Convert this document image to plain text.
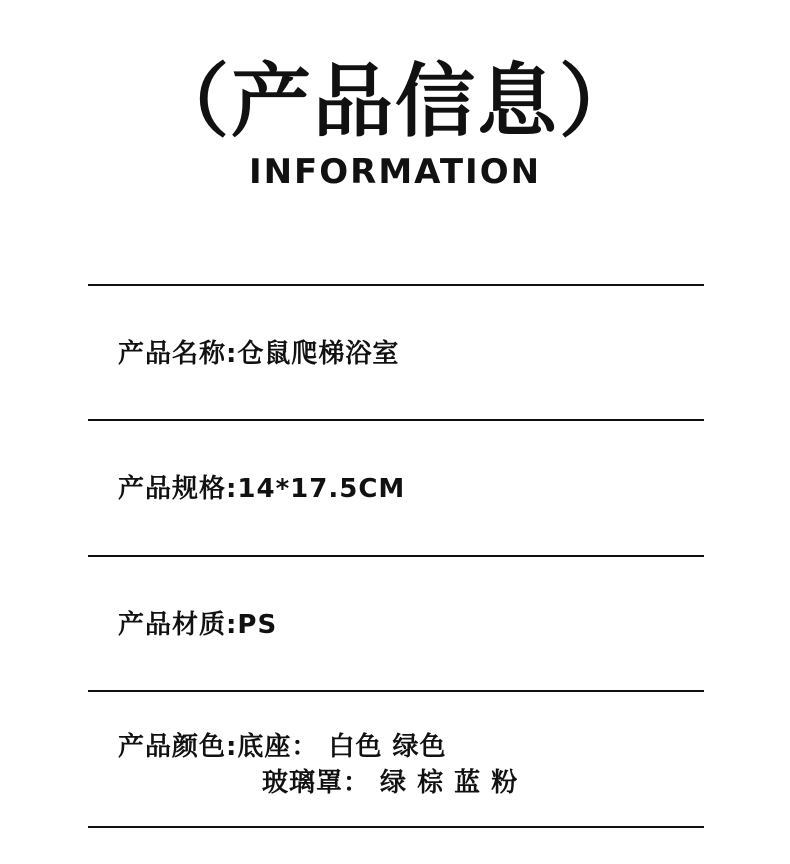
（产品信息）
INFORMATION
产品名称:仓鼠爬梯浴室
产品规格:14*17.5CM
产品材质:PS
产品颜色:底座： 白色 绿色
玻璃罩： 绿 棕 蓝 粉
